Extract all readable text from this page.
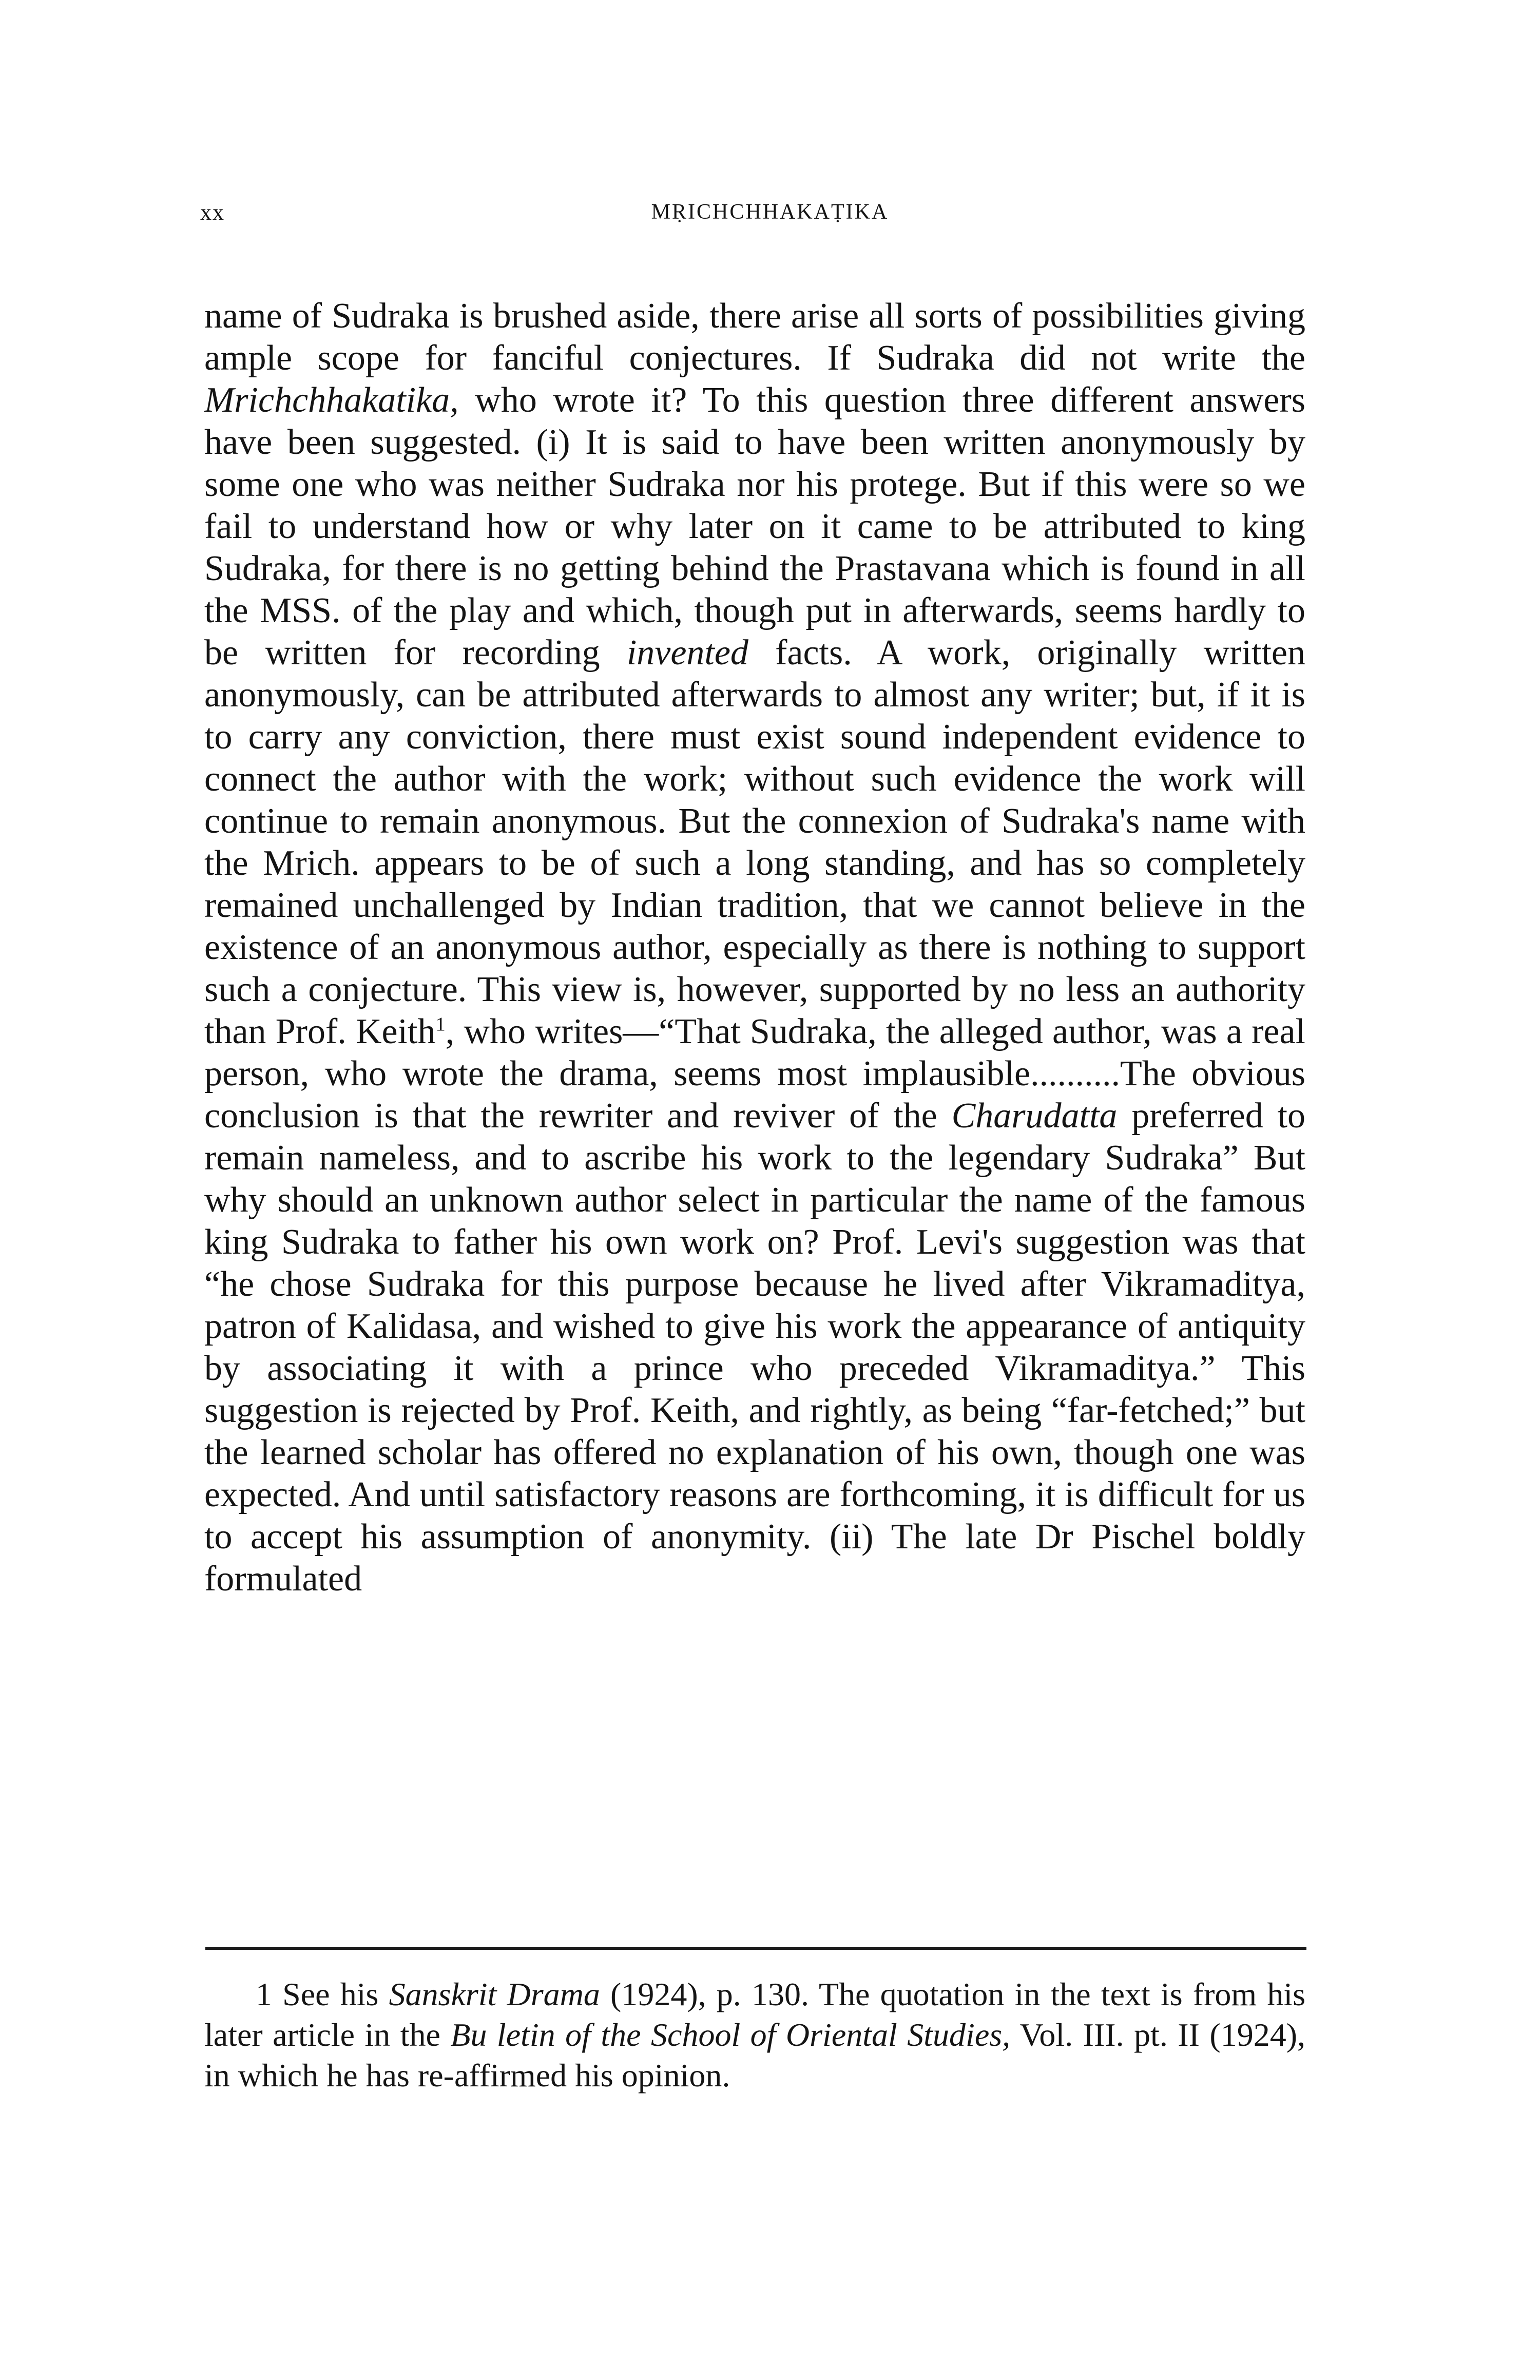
xx	MṚICHCHHAKAṬIKA
name of Sudraka is brushed aside, there arise all sorts of possibilities giving ample scope for fanciful conjectures. If Sudraka did not write the Mrichchhakatika, who wrote it? To this question three different answers have been suggested. (i) It is said to have been written anonymously by some one who was neither Sudraka nor his protege. But if this were so we fail to understand how or why later on it came to be attributed to king Sudraka, for there is no getting behind the Prastavana which is found in all the MSS. of the play and which, though put in afterwards, seems hardly to be written for recording invented facts. A work, originally written anonymously, can be attributed afterwards to almost any writer; but, if it is to carry any conviction, there must exist sound independent evidence to connect the author with the work; without such evidence the work will continue to remain anonymous. But the connexion of Sudraka's name with the Mrich. appears to be of such a long standing, and has so completely remained unchallenged by Indian tradition, that we cannot believe in the existence of an anonymous author, especially as there is nothing to support such a conjecture. This view is, however, supported by no less an authority than Prof. Keith$^1$, who writes—“That Sudraka, the alleged author, was a real person, who wrote the drama, seems most implausible..........The obvious conclusion is that the rewriter and reviver of the Charudatta preferred to remain nameless, and to ascribe his work to the legendary Sudraka” But why should an unknown author select in particular the name of the famous king Sudraka to father his own work on? Prof. Levi's suggestion was that “he chose Sudraka for this purpose because he lived after Vikramaditya, patron of Kalidasa, and wished to give his work the appearance of antiquity by associating it with a prince who preceded Vikramaditya.” This suggestion is rejected by Prof. Keith, and rightly, as being “far-fetched;” but the learned scholar has offered no explanation of his own, though one was expected. And until satisfactory reasons are forthcoming, it is difficult for us to accept his assumption of anonymity. (ii) The late Dr Pischel boldly formulated
1 See his Sanskrit Drama (1924), p. 130. The quotation in the text is from his later article in the Bu letin of the School of Oriental Studies, Vol. III. pt. II (1924), in which he has re-affirmed his opinion.
